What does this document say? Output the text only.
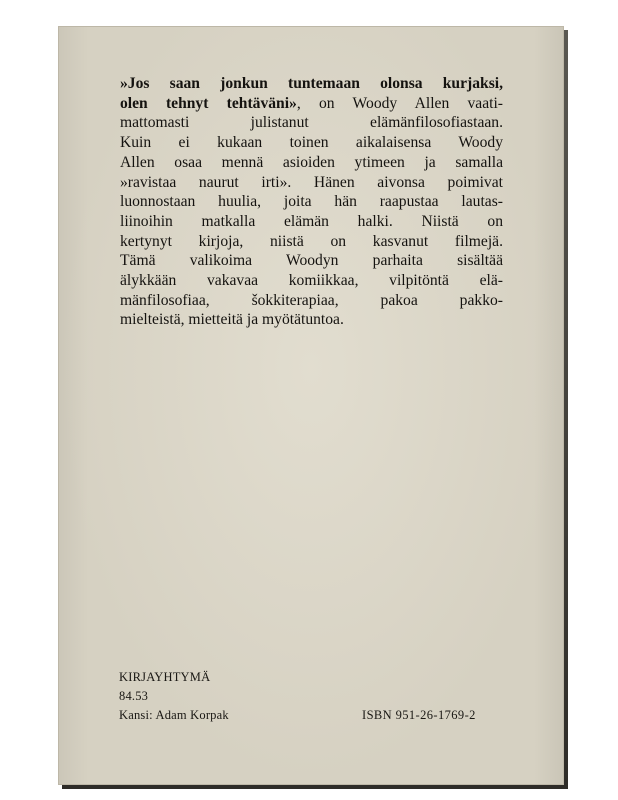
»Jos saan jonkun tuntemaan olonsa kurjaksi,
olen tehnyt tehtäväni», on Woody Allen vaati-
mattomasti julistanut elämänfilosofiastaan.
Kuin ei kukaan toinen aikalaisensa Woody
Allen osaa mennä asioiden ytimeen ja samalla
»ravistaa naurut irti». Hänen aivonsa poimivat
luonnostaan huulia, joita hän raapustaa lautas-
liinoihin matkalla elämän halki. Niistä on
kertynyt kirjoja, niistä on kasvanut filmejä.
Tämä valikoima Woodyn parhaita sisältää
älykkään vakavaa komiikkaa, vilpitöntä elä-
mänfilosofiaa, šokkiterapiaa, pakoa pakko-
mielteistä, mietteitä ja myötätuntoa.
KIRJAYHTYMÄ
84.53
Kansi: Adam Korpak	ISBN 951-26-1769-2
